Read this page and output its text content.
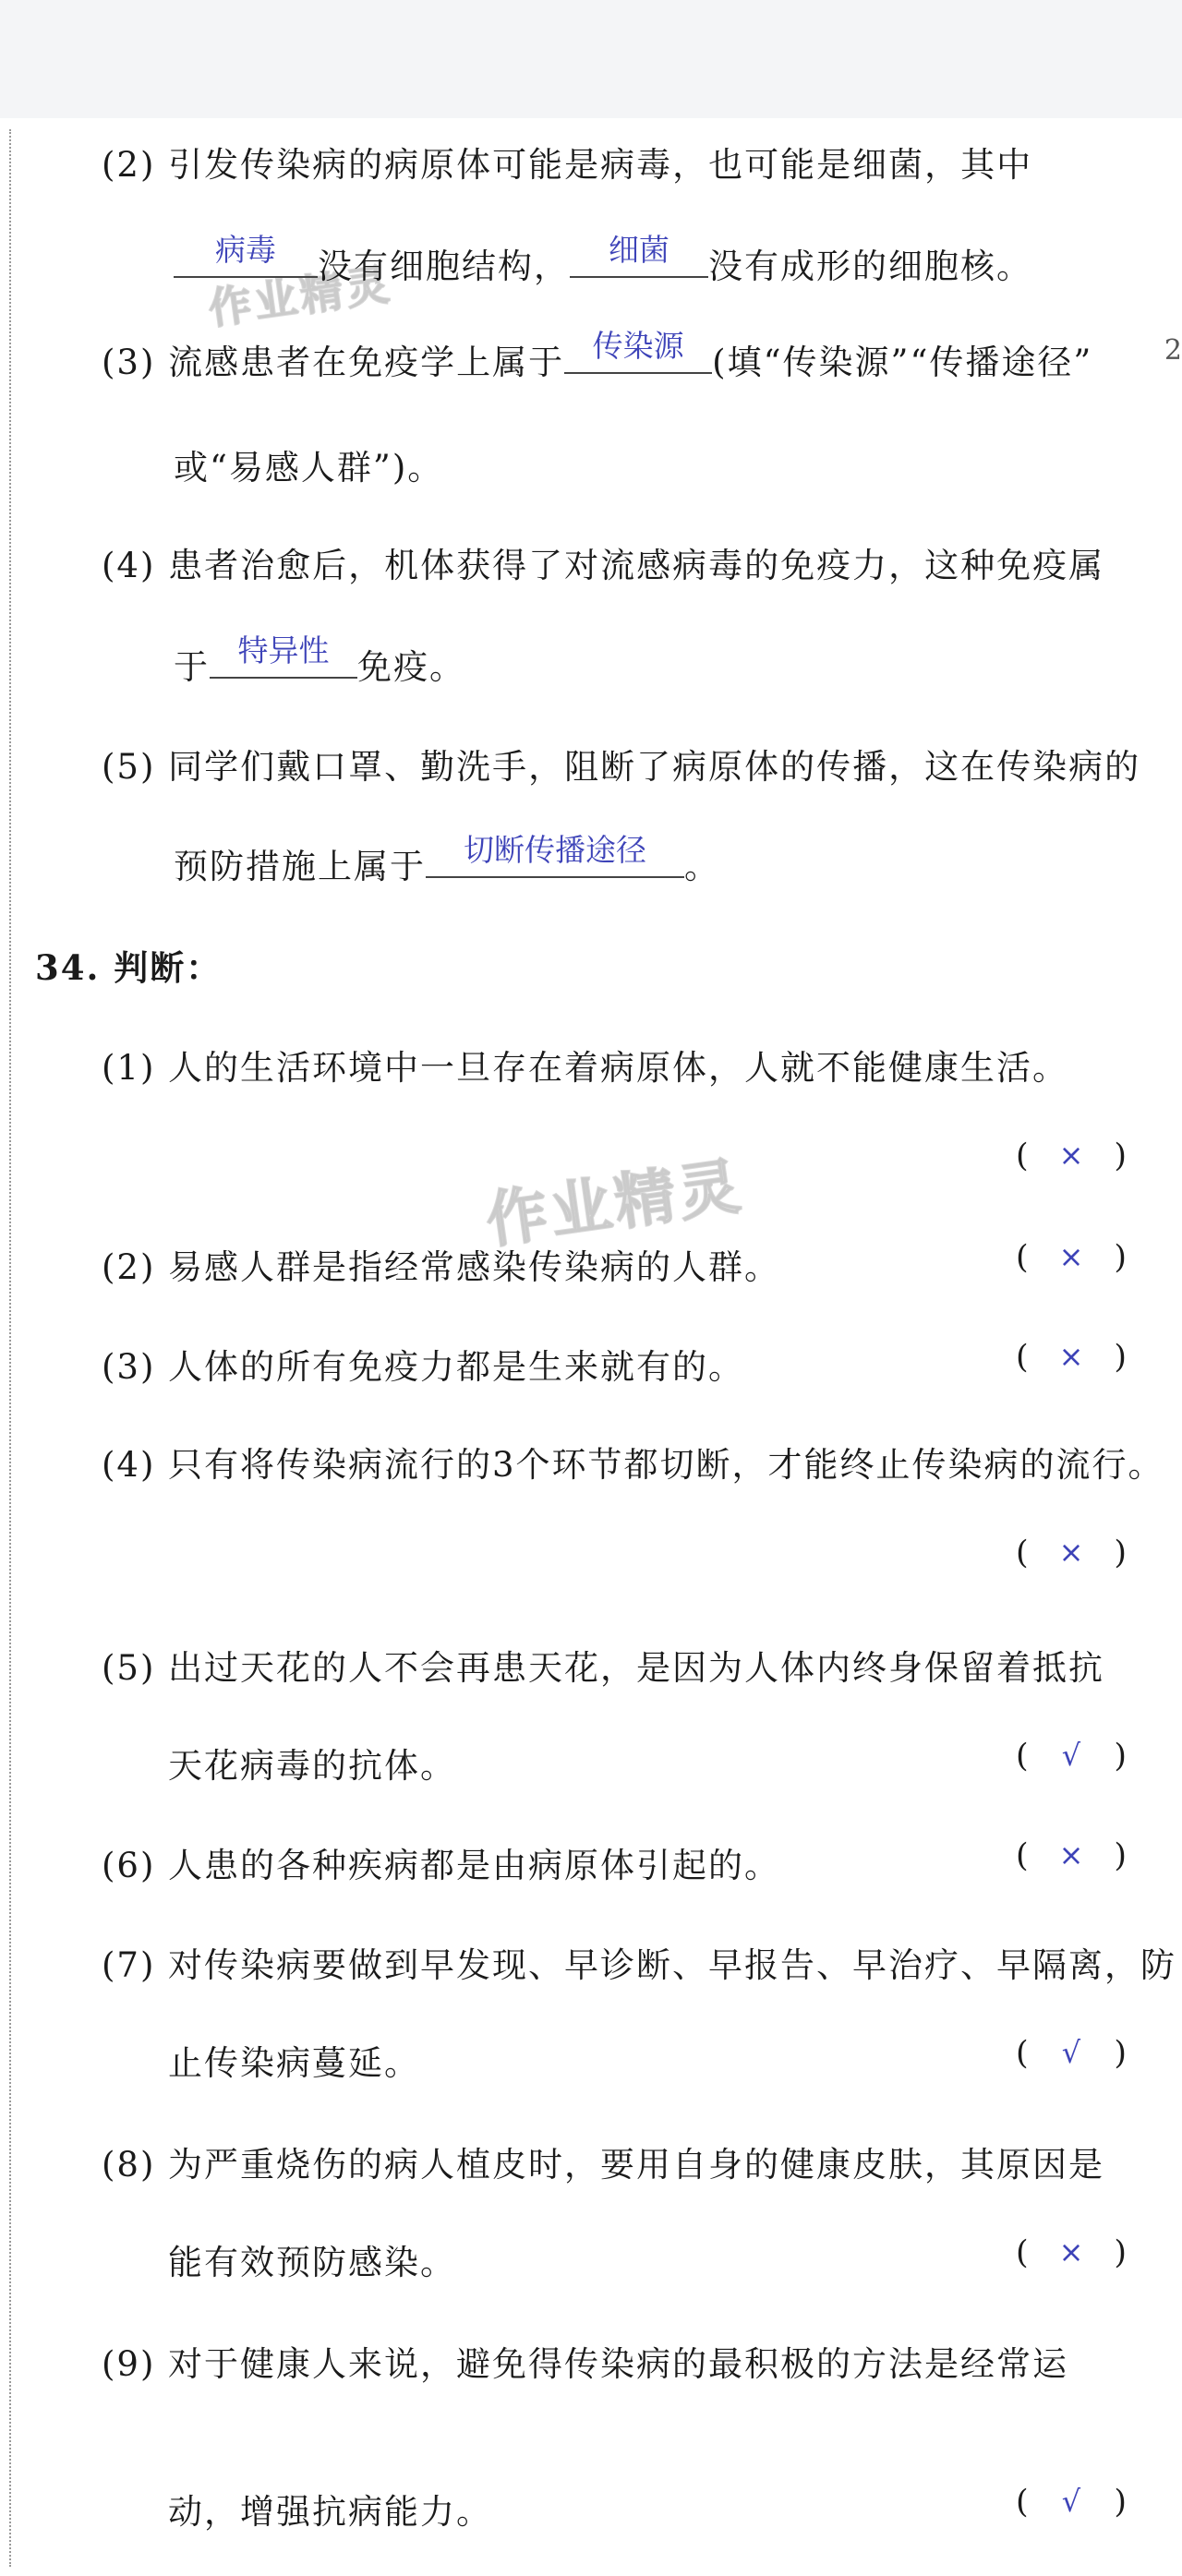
2
作业精灵
作业精灵
(2) 引发传染病的病原体可能是病毒，也可能是细菌，其中
病毒	没有细胞结构，	细菌	没有成形的细胞核。
(3) 流感患者在免疫学上属于 传染源 (填“传染源”“传播途径”
或“易感人群”)。
(4) 患者治愈后，机体获得了对流感病毒的免疫力，这种免疫属
于 特异性 免疫。
(5) 同学们戴口罩、勤洗手，阻断了病原体的传播，这在传染病的
预防措施上属于	切断传播途径	。
34. 判断：
(1) 人的生活环境中一旦存在着病原体，人就不能健康生活。
( × )
(2) 易感人群是指经常感染传染病的人群。	( × )
(3) 人体的所有免疫力都是生来就有的。	( × )
(4) 只有将传染病流行的3个环节都切断，才能终止传染病的流行。
( × )
(5) 出过天花的人不会再患天花，是因为人体内终身保留着抵抗
天花病毒的抗体。	( √ )
(6) 人患的各种疾病都是由病原体引起的。	( × )
(7) 对传染病要做到早发现、早诊断、早报告、早治疗、早隔离，防
止传染病蔓延。	( √ )
(8) 为严重烧伤的病人植皮时，要用自身的健康皮肤，其原因是
能有效预防感染。	( × )
(9) 对于健康人来说，避免得传染病的最积极的方法是经常运
动，增强抗病能力。	( √ )
